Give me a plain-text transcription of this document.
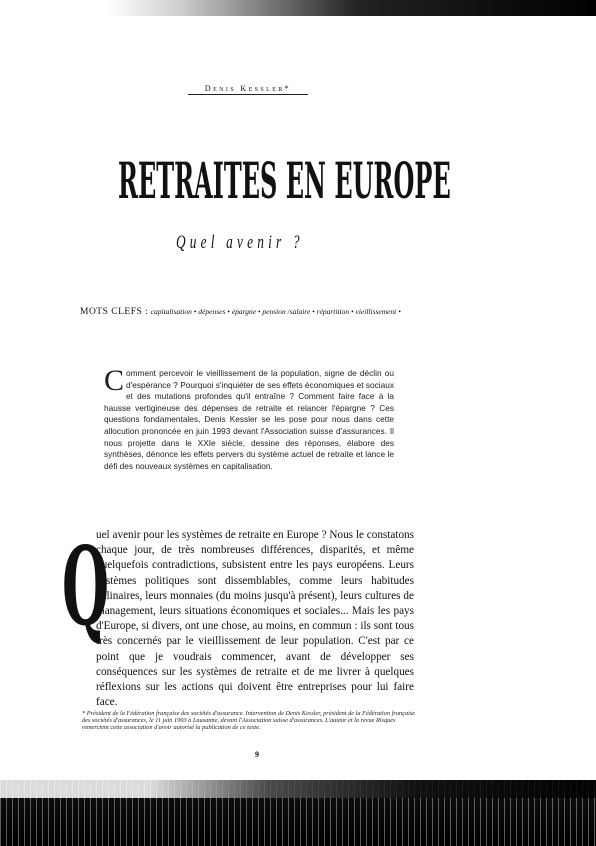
Denis Kessler*
RETRAITES EN EUROPE
Quel avenir ?
MOTS CLEFS : capitalisation • dépenses • épargne • pension /salaire • répartition • vieillissement •
Comment percevoir le vieillissement de la population, signe de déclin ou d'espérance ? Pourquoi s'inquiéter de ses effets économiques et sociaux et des mutations profondes qu'il entraîne ? Comment faire face à la hausse vertigineuse des dépenses de retraite et relancer l'épargne ? Ces questions fondamentales, Denis Kessler se les pose pour nous dans cette allocution prononcée en juin 1993 devant l'Association suisse d'assurances. Il nous projette dans le XXIe siècle, dessine des réponses, élabore des synthèses, dénonce les effets pervers du système actuel de retraite et lance le défi des nouveaux systèmes en capitalisation.
Q
uel avenir pour les systèmes de retraite en Europe ? Nous le constatons chaque jour, de très nombreuses différences, disparités, et même quelquefois contradictions, subsistent entre les pays européens. Leurs systèmes politiques sont dissemblables, comme leurs habitudes culinaires, leurs monnaies (du moins jusqu'à présent), leurs cultures de management, leurs situations économiques et sociales... Mais les pays d'Europe, si divers, ont une chose, au moins, en commun : ils sont tous très concernés par le vieillissement de leur population. C'est par ce point que je voudrais commencer, avant de développer ses conséquences sur les systèmes de retraite et de me livrer à quelques réflexions sur les actions qui doivent être entreprises pour lui faire face.
* Président de la Fédération française des sociétés d'assurance. Intervention de Denis Kessler, président de la Fédération française des sociétés d'assurances, le 11 juin 1993 à Lausanne, devant l'Association suisse d'assurances. L'auteur et la revue Risques remercient cette association d'avoir autorisé la publication de ce texte.
9
